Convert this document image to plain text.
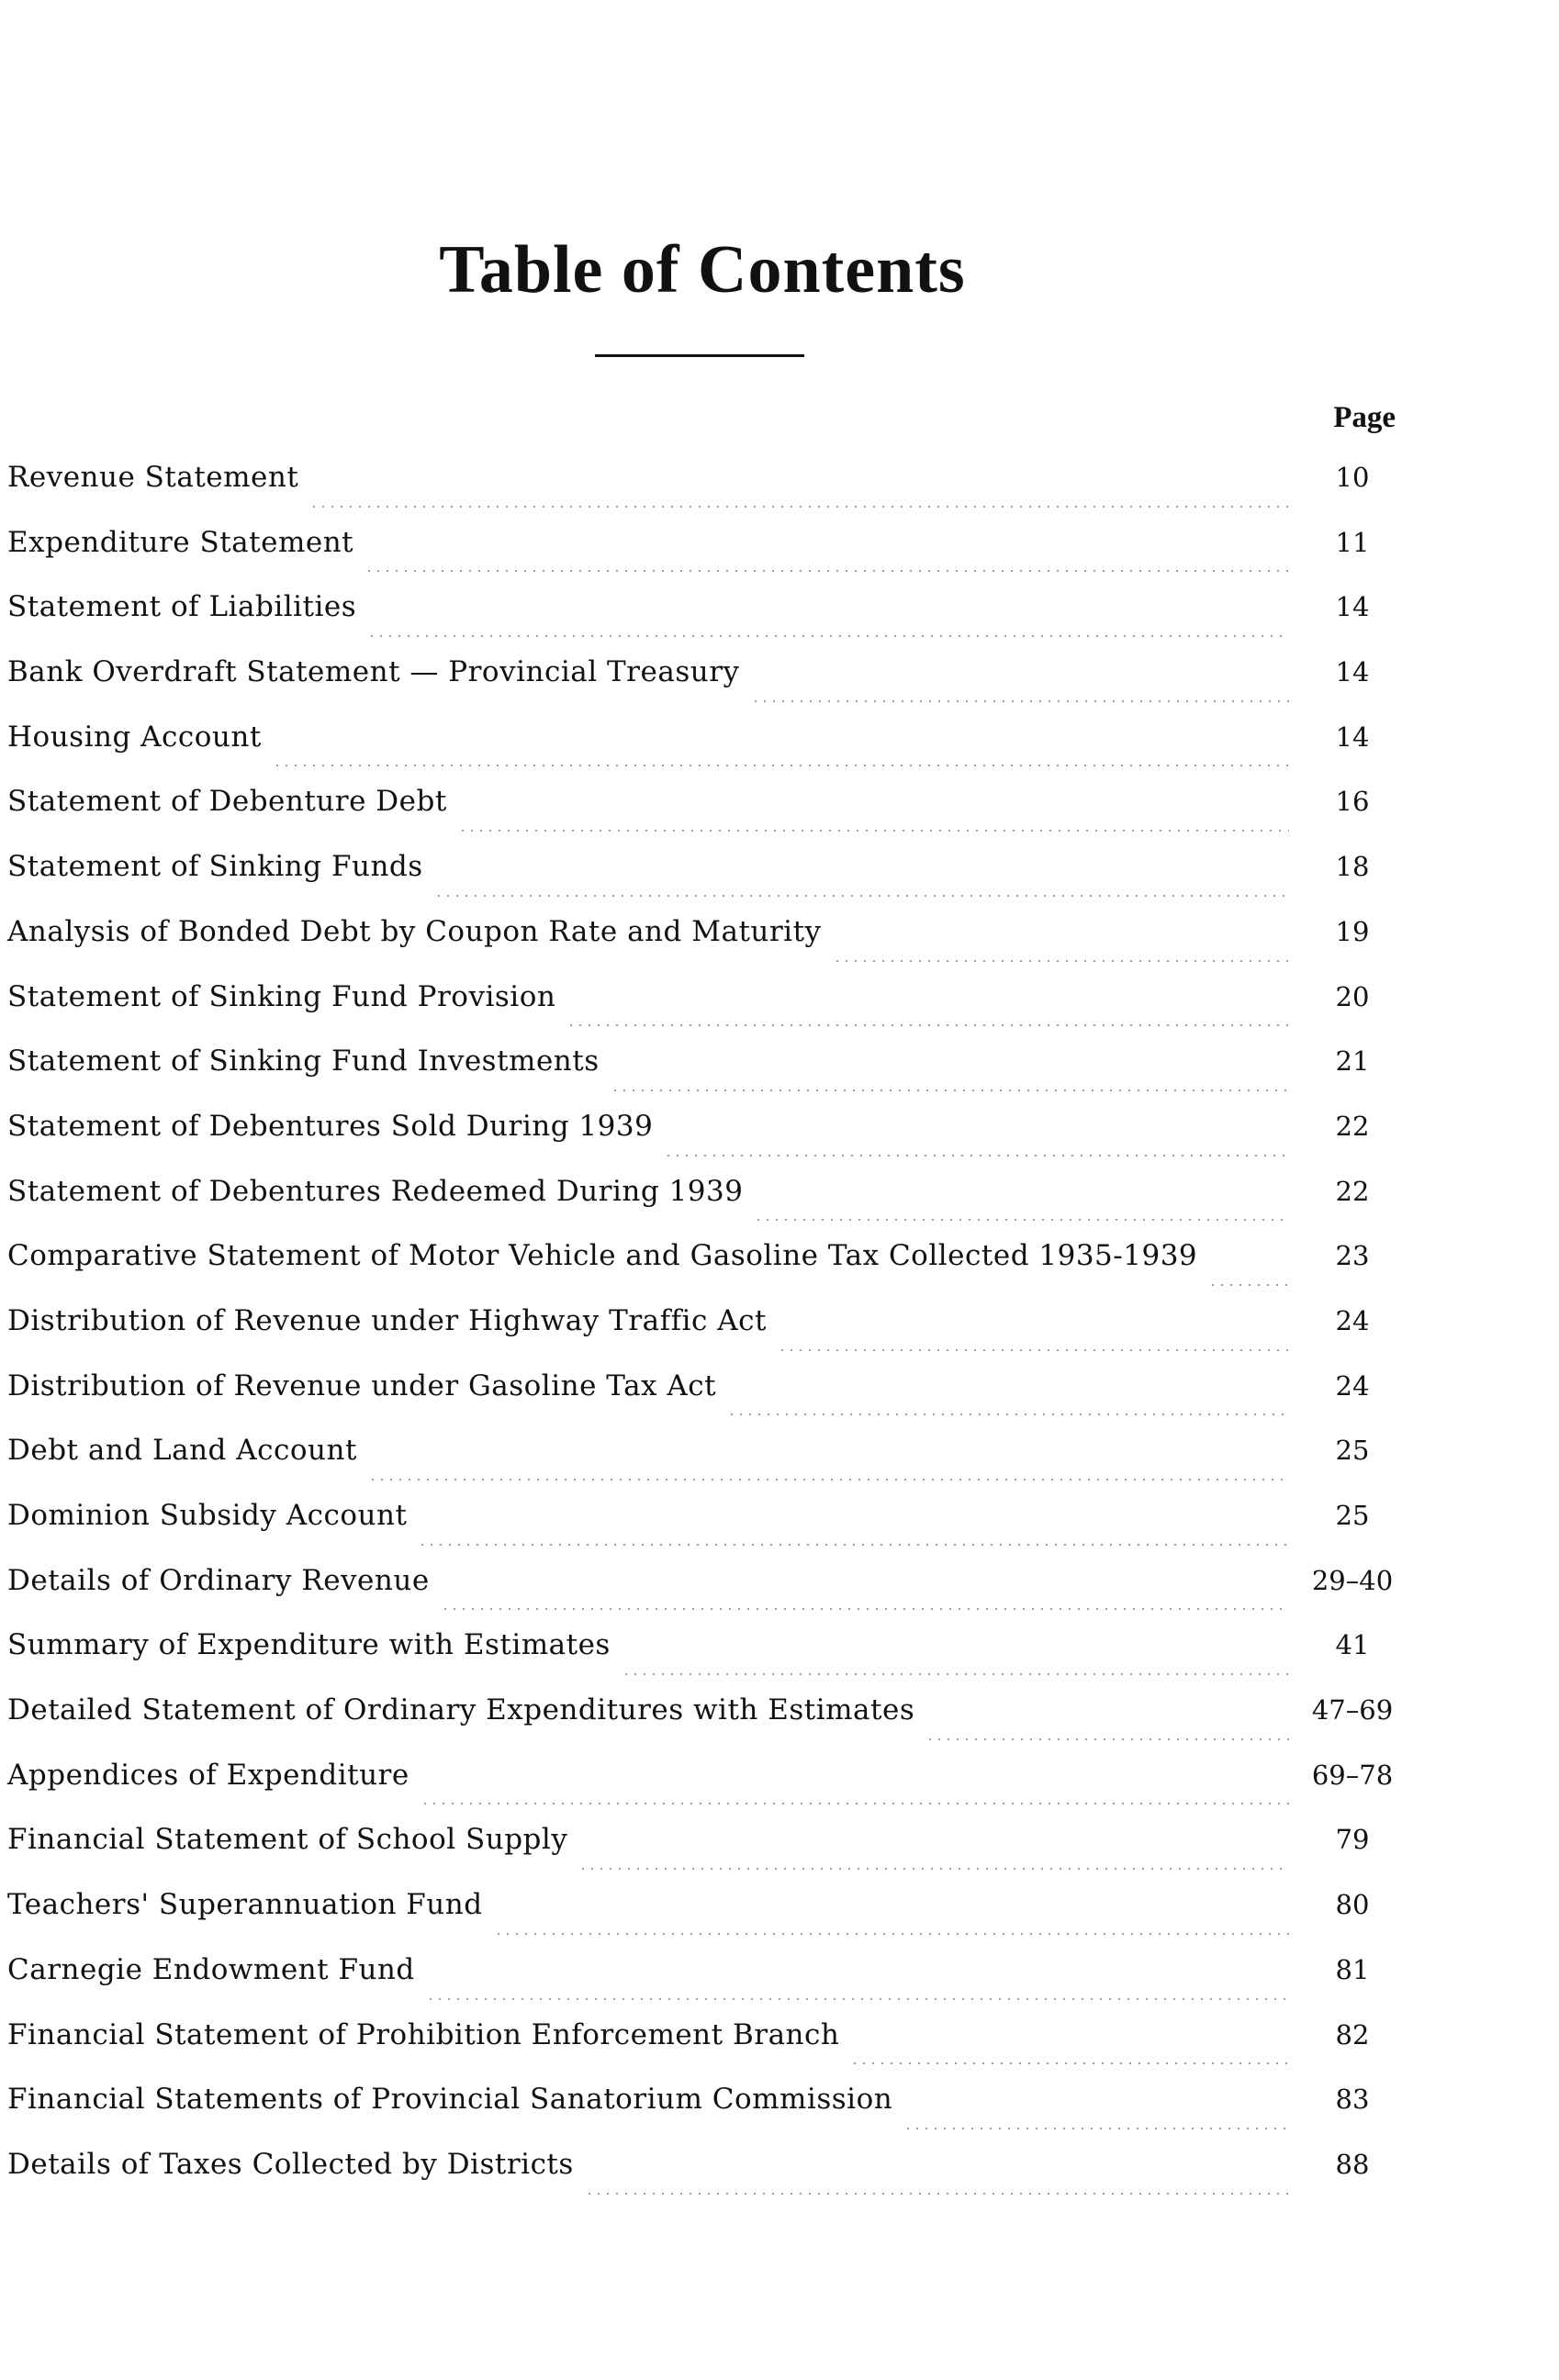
Table of Contents
Page
Revenue Statement	10
Expenditure Statement	11
Statement of Liabilities	14
Bank Overdraft Statement — Provincial Treasury	14
Housing Account	14
Statement of Debenture Debt	16
Statement of Sinking Funds	18
Analysis of Bonded Debt by Coupon Rate and Maturity	19
Statement of Sinking Fund Provision	20
Statement of Sinking Fund Investments	21
Statement of Debentures Sold During 1939	22
Statement of Debentures Redeemed During 1939	22
Comparative Statement of Motor Vehicle and Gasoline Tax Collected 1935-1939	23
Distribution of Revenue under Highway Traffic Act	24
Distribution of Revenue under Gasoline Tax Act	24
Debt and Land Account	25
Dominion Subsidy Account	25
Details of Ordinary Revenue	29–40
Summary of Expenditure with Estimates	41
Detailed Statement of Ordinary Expenditures with Estimates	47–69
Appendices of Expenditure	69–78
Financial Statement of School Supply	79
Teachers' Superannuation Fund	80
Carnegie Endowment Fund	81
Financial Statement of Prohibition Enforcement Branch	82
Financial Statements of Provincial Sanatorium Commission	83
Details of Taxes Collected by Districts	88
